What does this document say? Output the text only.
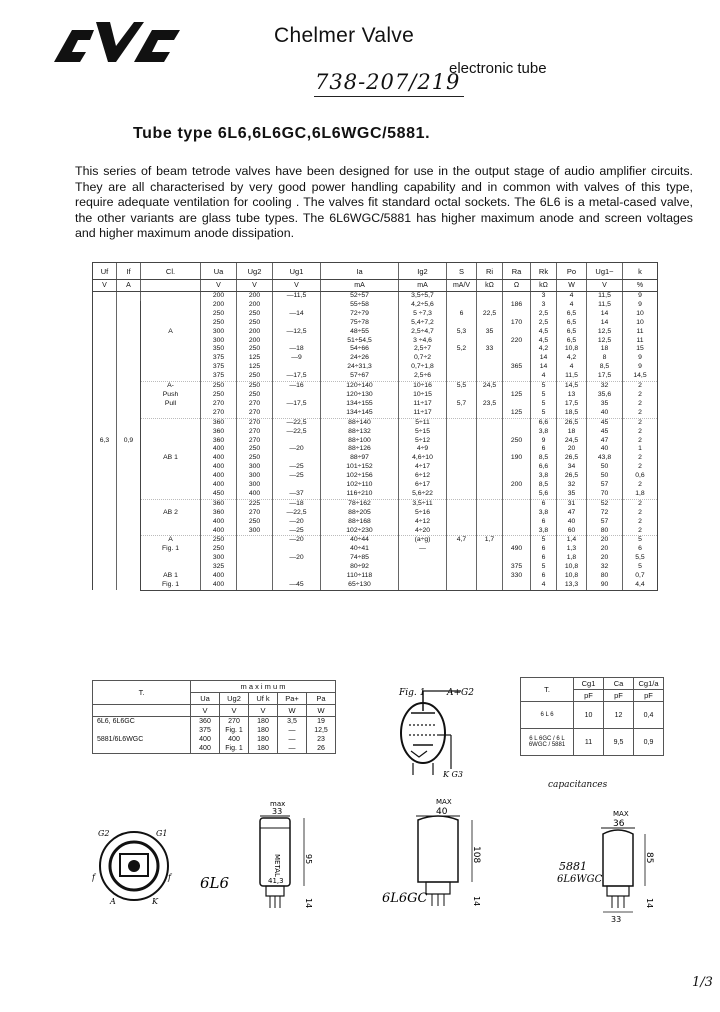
Chelmer Valve
electronic tube
738-207/219
Tube type 6L6,6L6GC,6L6WGC/5881.
This series of beam tetrode valves have been designed for use in the output stage of audio amplifier circuits. They are all characterised by very good power handling capability and in common with valves of this type, require adequate ventilation for cooling . The valves fit standard octal sockets. The 6L6 is a metal-cased valve, the other variants are glass tube types. The 6L6WGC/5881 has higher maximum anode and screen voltages and higher maximum anode dissipation.
Uf	If	Cl.	Ua	Ug2	Ug1	Ia	Ig2	S	Ri	Ra	Rk	Po	Ug1~	k
V	A		V	V	V	mA	mA	mA/V	kΩ	Ω	kΩ	W	V	%
6,3	0,9		200	200	—11,5	52÷57	3,5÷5,7				3	4	11,5	9
			200	200		55÷58	4,2÷5,6			186	3	4	11,5	9
			250	250	—14	72÷79	5 ÷7,3	6	22,5		2,5	6,5	14	10
			250	250		75÷78	5,4÷7,2			170	2,5	6,5	14	10
		A	300	200	—12,5	48÷55	2,5÷4,7	5,3	35		4,5	6,5	12,5	11
			300	200		51÷54,5	3 ÷4,6			220	4,5	6,5	12,5	11
			350	250	—18	54÷66	2,5÷7	5,2	33		4,2	10,8	18	15
			375	125	—9	24÷26	0,7÷2				14	4,2	8	9
			375	125		24÷31,3	0,7÷1,8			365	14	4	8,5	9
			375	250	—17,5	57÷67	2,5÷6				4	11,5	17,5	14,5
		A-	250	250	—16	120÷140	10÷16	5,5	24,5		5	14,5	32	2
		Push	250	250		120÷130	10÷15			125	5	13	35,6	2
		Pull	270	270	—17,5	134÷155	11÷17	5,7	23,5		5	17,5	35	2
			270	270		134÷145	11÷17			125	5	18,5	40	2
			360	270	—22,5	88÷140	5÷11				6,6	26,5	45	2
			360	270	—22,5	88÷132	5÷15				3,8	18	45	2
			360	270		88÷100	5÷12			250	9	24,5	47	2
			400	250	—20	88÷126	4÷9				6	20	40	1
		AB 1	400	250		88÷97	4,6÷10			190	8,5	26,5	43,8	2
			400	300	—25	101÷152	4÷17				6,6	34	50	2
			400	300	—25	102÷156	6÷12				3,8	26,5	50	0,6
			400	300		102÷110	6÷17			200	8,5	32	57	2
			450	400	—37	116÷210	5,6÷22				5,6	35	70	1,8
			360	225	—18	78÷162	3,5÷11				6	31	52	2
		AB 2	360	270	—22,5	88÷205	5÷16				3,8	47	72	2
			400	250	—20	88÷168	4÷12				6	40	57	2
			400	300	—25	102÷230	4÷20				3,8	60	80	2
		A	250		—20	40÷44	(a÷g)	4,7	1,7		5	1,4	20	5
		Fig. 1	250			40÷41	—			490	6	1,3	20	6
			300		—20	74÷85					6	1,8	20	5,5
			325			80÷92				375	5	10,8	32	5
		AB 1	400			110÷118				330	6	10,8	80	0,7
		Fig. 1	400		—45	65÷130					4	13,3	90	4,4
T.	m a x i m u m				
	Ua	Ug2	Uf k	Pa+	Pa
	V	V	V	W	W
6L6, 6L6GC	360	270	180	3,5	19
	375	Fig. 1	180	—	12,5
5881/6L6WGC	400	400	180	—	23
	400	Fig. 1	180	—	26
T.	Cg1	Ca	Cg1/a
	pF	pF	pF
6 L 6	10	12	0,4
6 L 6GC / 6 L 6WGC / 5881	11	9,5	0,9
capacitances
Fig. 1 A+G2
K G3
G2	G1
f
A	K
f
max
33
METAL
41,3
95
14
6L6
MAX
40
108
14
6L6GC
MAX
36
33
85
14
5881
6L6WGC
1/3
